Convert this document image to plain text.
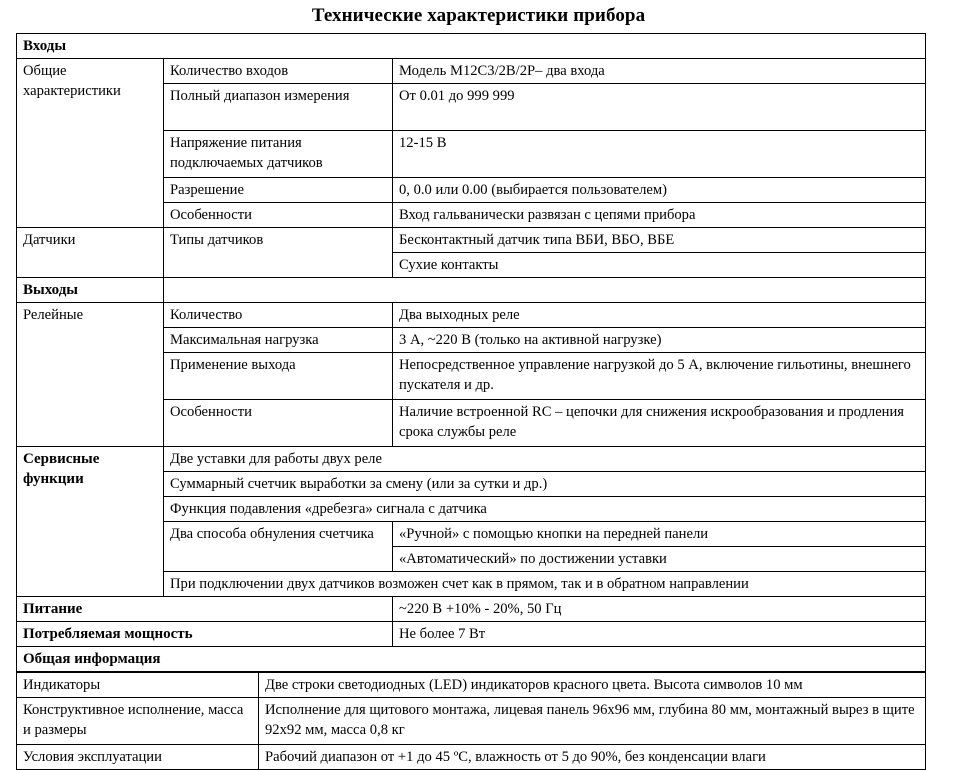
Технические характеристики прибора
Входы		
Общие характеристики	Количество входов	Модель М12С3/2В/2Р– два входа
	Полный диапазон измерения	От 0.01 до 999 999
	Напряжение питания подключаемых датчиков	12-15 В
	Разрешение	0, 0.0 или 0.00 (выбирается пользователем)
	Особенности	Вход гальванически развязан с цепями прибора
Датчики	Типы датчиков	Бесконтактный датчик типа ВБИ, ВБО, ВБЕ
		Сухие контакты
Выходы		
Релейные	Количество	Два выходных реле
	Максимальная нагрузка	3 А, ~220 В (только на активной нагрузке)
	Применение выхода	Непосредственное управление нагрузкой до 5 А, включение гильотины, внешнего пускателя и др.
	Особенности	Наличие встроенной RC – цепочки для снижения искрообразования и продления срока службы реле
Сервисные функции	Две уставки для работы двух реле	
	Суммарный счетчик выработки за смену (или за сутки и др.)	
	Функция подавления «дребезга» сигнала с датчика	
	Два способа обнуления счетчика	«Ручной» с помощью кнопки на передней панели
		«Автоматический» по достижении уставки
	При подключении двух датчиков возможен счет как в прямом, так и в обратном направлении	
Питание		~220 В +10% - 20%, 50 Гц
Потребляемая мощность		Не более 7 Вт
Общая информация		
Индикаторы	Две строки светодиодных (LED) индикаторов красного цвета. Высота символов 10 мм
Конструктивное исполнение, масса и размеры	Исполнение для щитового монтажа, лицевая панель 96х96 мм, глубина 80 мм, монтажный вырез в щите 92х92 мм, масса 0,8 кг
Условия эксплуатации	Рабочий диапазон от +1 до 45 ºС, влажность от 5 до 90%, без конденсации влаги
